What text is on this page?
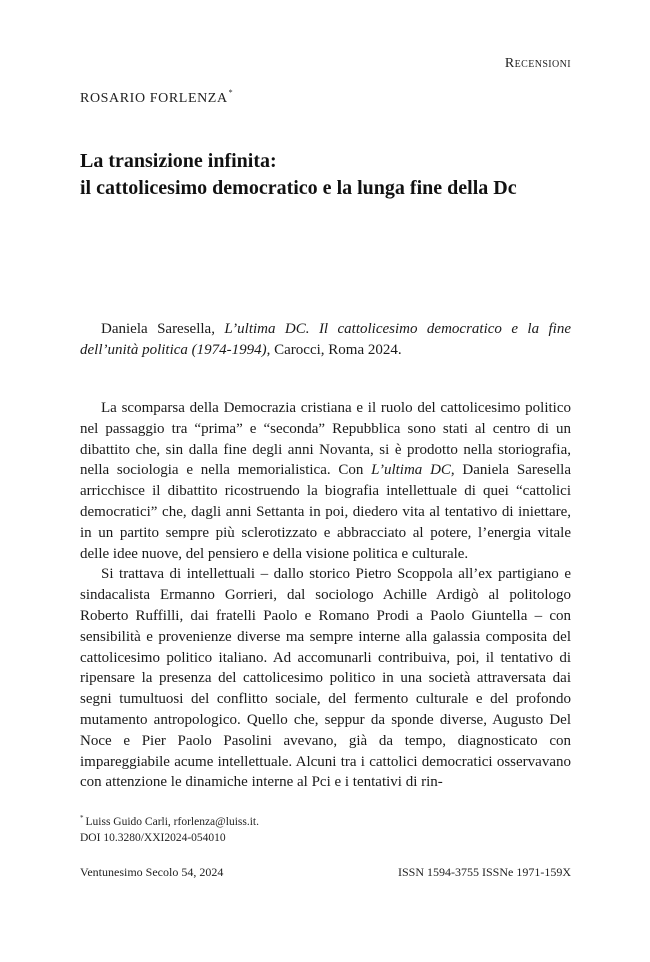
Recensioni
ROSARIO FORLENZA*
La transizione infinita:
il cattolicesimo democratico e la lunga fine della Dc

Daniela Saresella, L’ultima DC. Il cattolicesimo democratico e la fine dell’unità politica (1974-1994), Carocci, Roma 2024.

La scomparsa della Democrazia cristiana e il ruolo del cattolicesimo politico nel passaggio tra “prima” e “seconda” Repubblica sono stati al centro di un dibattito che, sin dalla fine degli anni Novanta, si è prodotto nella storiografia, nella sociologia e nella memorialistica. Con L’ultima DC, Daniela Saresella arricchisce il dibattito ricostruendo la biografia intellettuale di quei “cattolici democratici” che, dagli anni Settanta in poi, diedero vita al tentativo di iniettare, in un partito sempre più sclerotizzato e abbracciato al potere, l’energia vitale delle idee nuove, del pensiero e della visione politica e culturale.

Si trattava di intellettuali – dallo storico Pietro Scoppola all’ex partigiano e sindacalista Ermanno Gorrieri, dal sociologo Achille Ardigò al politologo Roberto Ruffilli, dai fratelli Paolo e Romano Prodi a Paolo Giuntella – con sensibilità e provenienze diverse ma sempre interne alla galassia composita del cattolicesimo politico italiano. Ad accomunarli contribuiva, poi, il tentativo di ripensare la presenza del cattolicesimo politico in una società attraversata dai segni tumultuosi del conflitto sociale, del fermento culturale e del profondo mutamento antropologico. Quello che, seppur da sponde diverse, Augusto Del Noce e Pier Paolo Pasolini avevano, già da tempo, diagnosticato con impareggiabile acume intellettuale. Alcuni tra i cattolici democratici osservavano con attenzione le dinamiche interne al Pci e i tentativi di rin-

* Luiss Guido Carli, rforlenza@luiss.it.
DOI 10.3280/XXI2024-054010
Ventunesimo Secolo 54, 2024	ISSN 1594-3755 ISSNe 1971-159X
